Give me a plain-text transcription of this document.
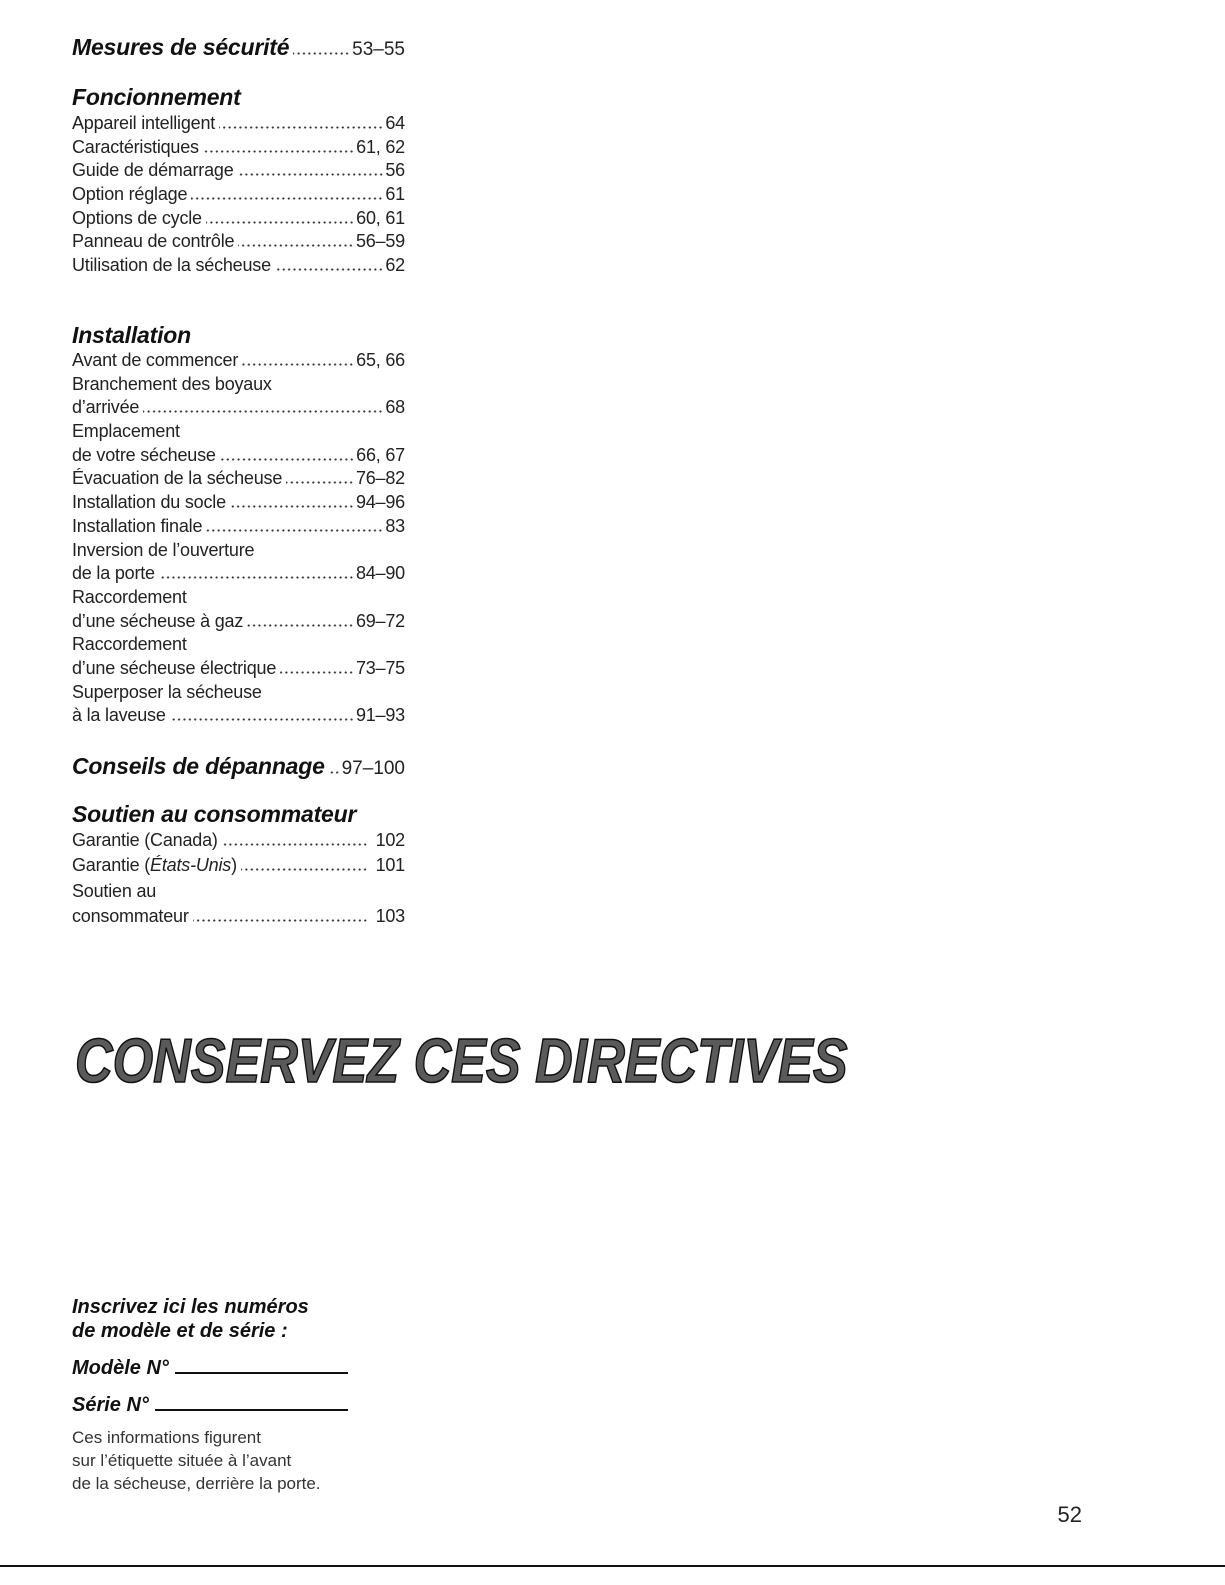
Mesures de sécurité	53–55
Foncionnement
Appareil intelligent	64
Caractéristiques	61, 62
Guide de démarrage	56
Option réglage	61
Options de cycle	60, 61
Panneau de contrôle	56–59
Utilisation de la sécheuse	62
Installation
Avant de commencer	65, 66
Branchement des boyaux
d’arrivée	68
Emplacement
de votre sécheuse	66, 67
Évacuation de la sécheuse	76–82
Installation du socle	94–96
Installation finale	83
Inversion de l’ouverture
de la porte	84–90
Raccordement
d’une sécheuse à gaz	69–72
Raccordement
d’une sécheuse électrique	73–75
Superposer la sécheuse
à la laveuse	91–93
Conseils de dépannage 97–100
Soutien au consommateur
Garantie (Canada)	102
Garantie (États-Unis)	101
Soutien au
consommateur	103
CONSERVEZ CES DIRECTIVES
Inscrivez ici les numéros
de modèle et de série :
Modèle N°
Série N°
Ces informations figurent
sur l’étiquette située à l’avant
de la sécheuse, derrière la porte.
52
